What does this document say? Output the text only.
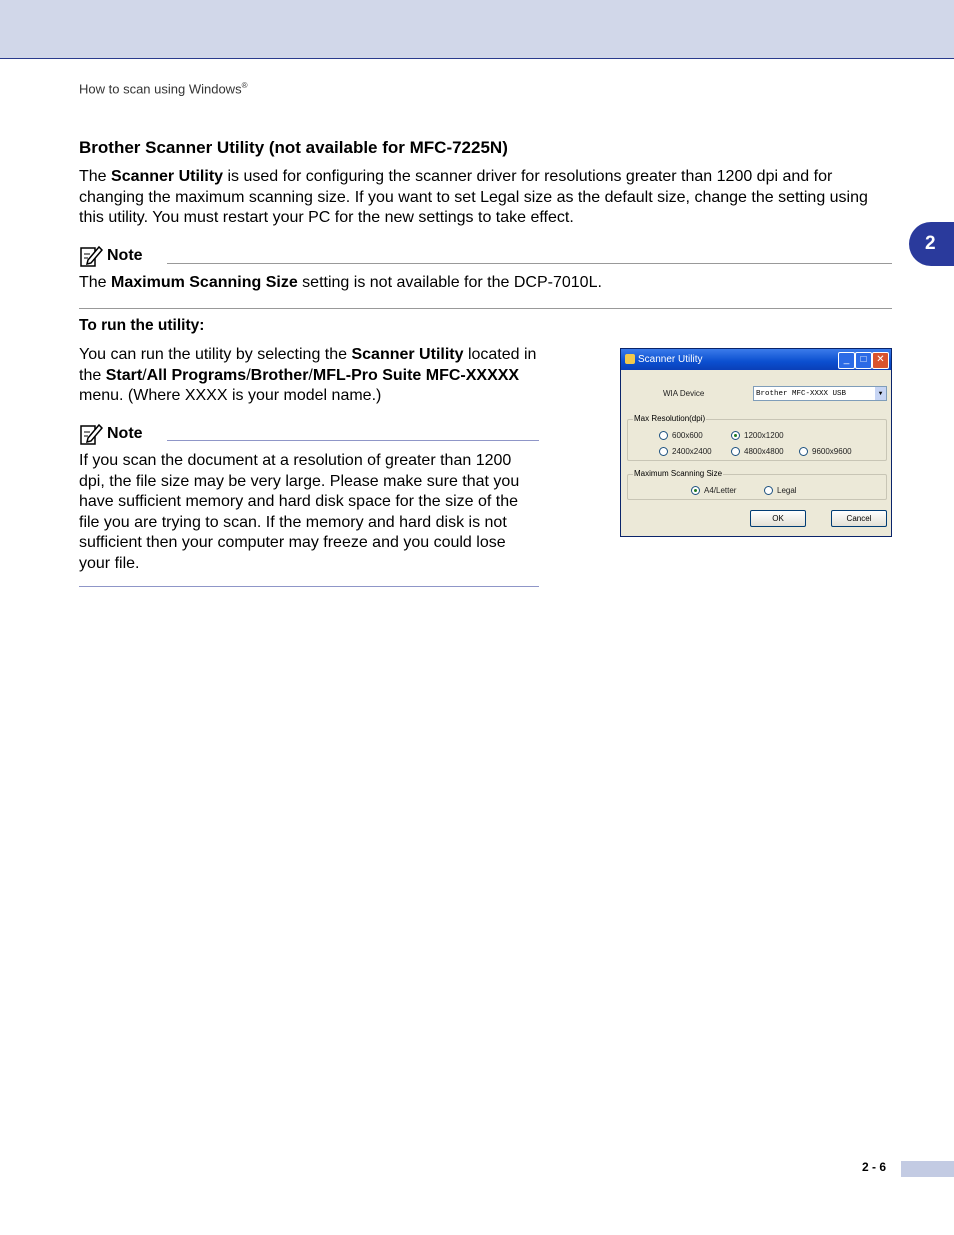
How to scan using Windows®
2
Brother Scanner Utility (not available for MFC-7225N)

The Scanner Utility is used for configuring the scanner driver for resolutions greater than 1200 dpi and for changing the maximum scanning size. If you want to set Legal size as the default size, change the setting using this utility. You must restart your PC for the new settings to take effect.

Note

The Maximum Scanning Size setting is not available for the DCP-7010L.

To run the utility:

You can run the utility by selecting the Scanner Utility located in the Start/All Programs/Brother/MFL-Pro Suite MFC-XXXXX menu. (Where XXXX is your model name.)

Note

If you scan the document at a resolution of greater than 1200 dpi, the file size may be very large. Please make sure that you have sufficient memory and hard disk space for the size of the file you are trying to scan. If the memory and hard disk is not sufficient then your computer may freeze and you could lose your file.

Scanner Utility	_	□ ✕
WIA Device	Brother MFC-XXXX USB	▼
Max Resolution(dpi)
600x600	1200x1200
2400x2400	4800x4800	9600x9600
Maximum Scanning Size
A4/Letter	Legal
OK	Cancel
2 - 6
